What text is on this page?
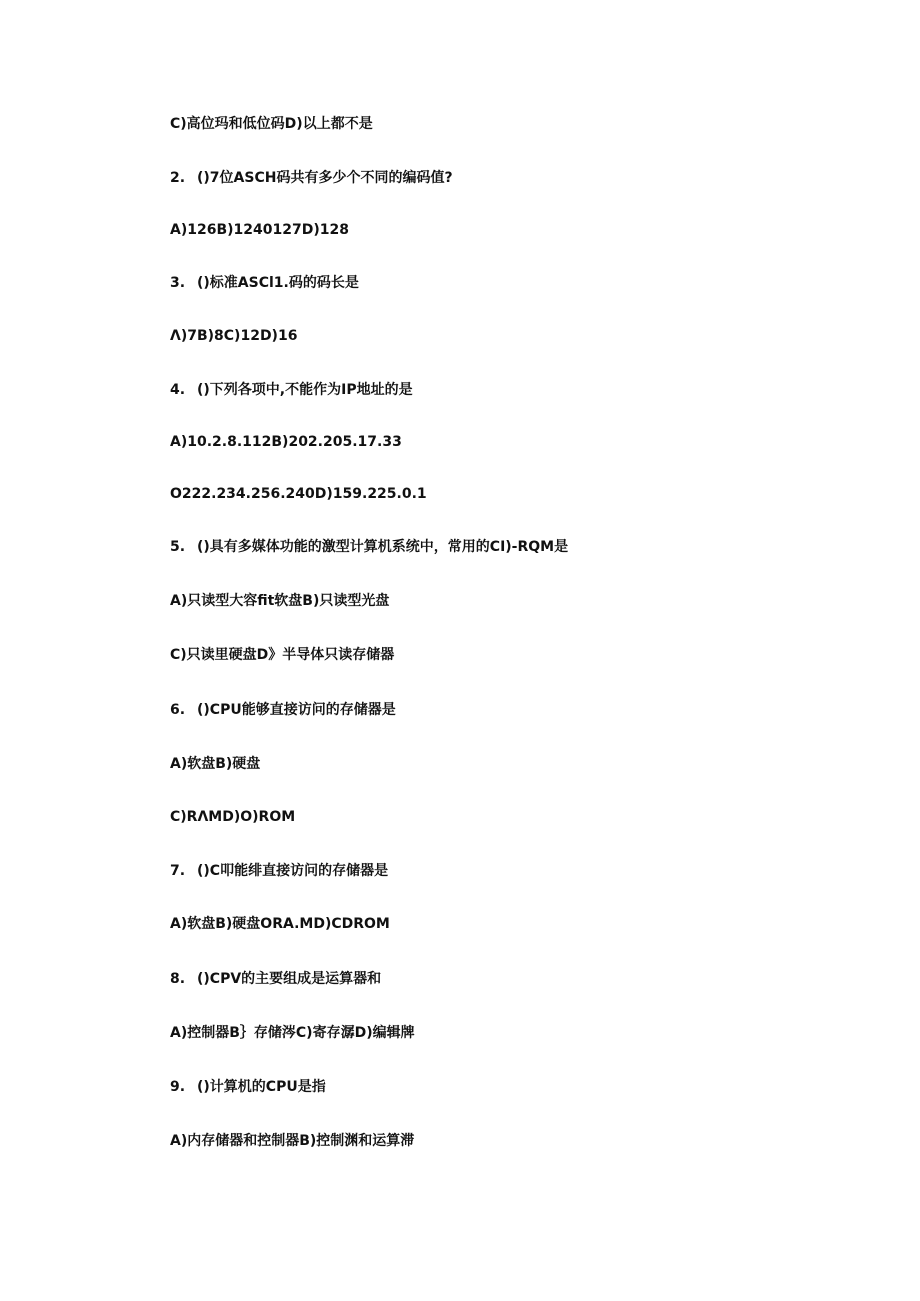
C)高位玛和低位码D)以上都不是
2. ()7位ASCH码共有多少个不同的编码值?
A)126B)1240127D)128
3. ()标准ASCl1.码的码长是
Λ)7B)8C)12D)16
4. ()下列各项中,不能作为IP地址的是
A)10.2.8.112B)202.205.17.33
O222.234.256.240D)159.225.0.1
5. ()具有多媒体功能的激型计算机系统中，常用的CI)-RQM是
A)只读型大容fit软盘B)只读型光盘
C)只读里硬盘D》半导体只读存储器
6. ()CPU能够直接访问的存储器是
A)软盘B)硬盘
C)RΛMD)O)ROM
7. ()C叩能绯直接访问的存储器是
A)软盘B)硬盘ORA.MD)CDROM
8. ()CPV的主要组成是运算器和
A)控制器B｝存储涔C)寄存潺D)编辑牌
9. ()计算机的CPU是指
A)内存储器和控制器B)控制渊和运算滞
